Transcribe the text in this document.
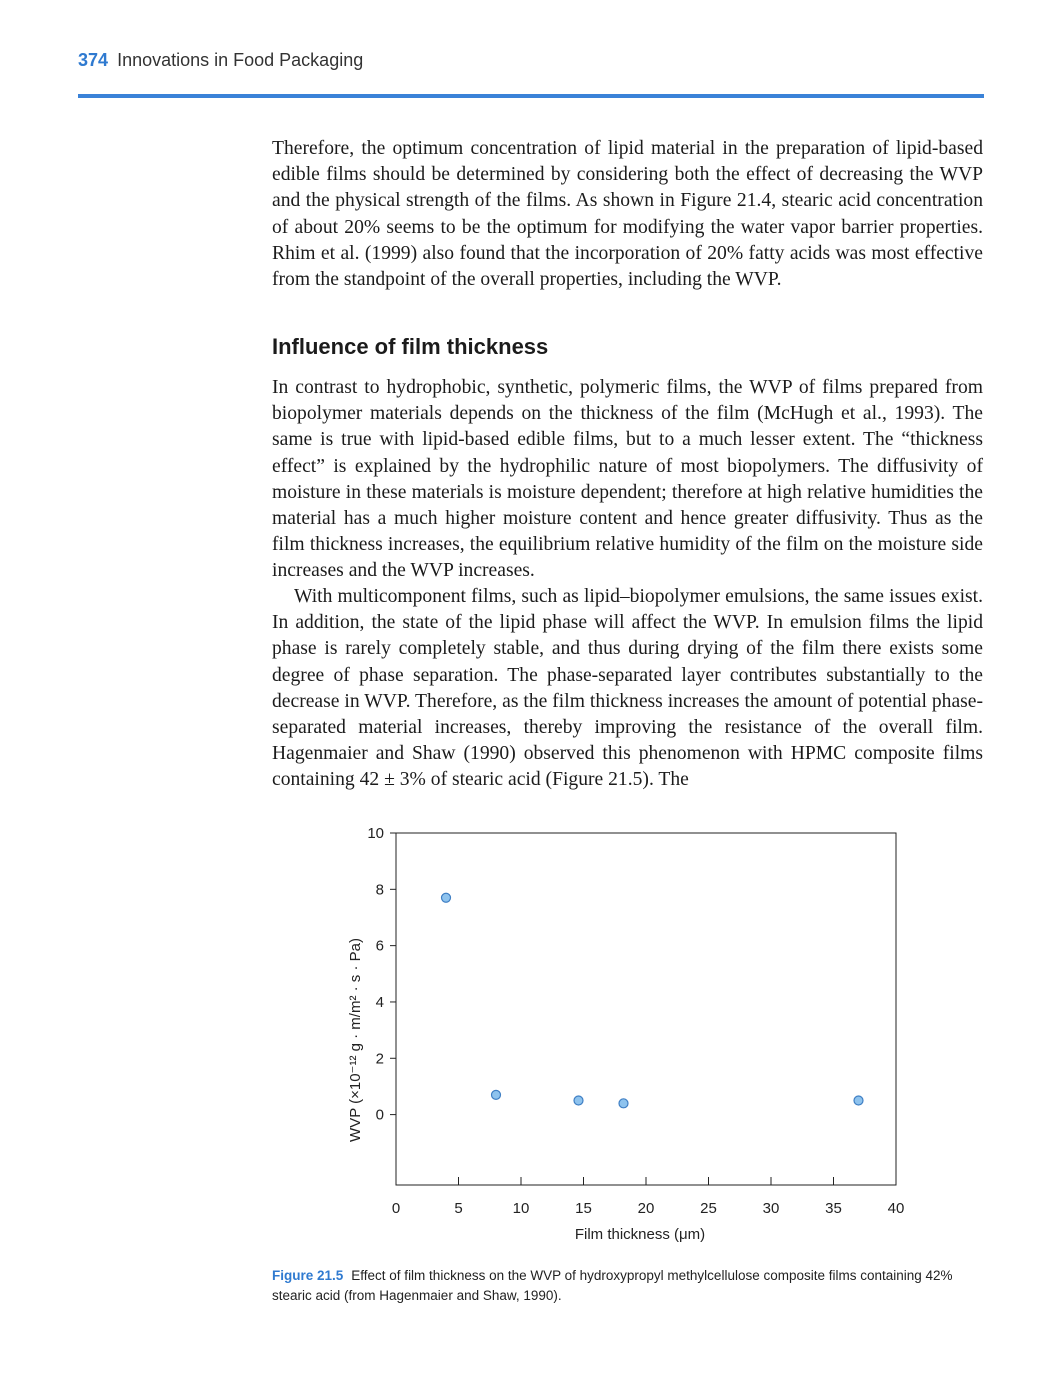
374 Innovations in Food Packaging

Therefore, the optimum concentration of lipid material in the preparation of lipid-based edible films should be determined by considering both the effect of decreasing the WVP and the physical strength of the films. As shown in Figure 21.4, stearic acid concentration of about 20% seems to be the optimum for modifying the water vapor barrier properties. Rhim et al. (1999) also found that the incorporation of 20% fatty acids was most effective from the standpoint of the overall properties, including the WVP.

Influence of film thickness

In contrast to hydrophobic, synthetic, polymeric films, the WVP of films prepared from biopolymer materials depends on the thickness of the film (McHugh et al., 1993). The same is true with lipid-based edible films, but to a much lesser extent. The “thickness effect” is explained by the hydrophilic nature of most biopolymers. The diffusivity of moisture in these materials is moisture dependent; therefore at high relative humidities the material has a much higher moisture content and hence greater diffusivity. Thus as the film thickness increases, the equilibrium relative humidity of the film on the moisture side increases and the WVP increases.

With multicomponent films, such as lipid–biopolymer emulsions, the same issues exist. In addition, the state of the lipid phase will affect the WVP. In emulsion films the lipid phase is rarely completely stable, and thus during drying of the film there exists some degree of phase separation. The phase-separated layer contributes substantially to the decrease in WVP. Therefore, as the film thickness increases the amount of potential phase-separated material increases, thereby improving the resistance of the overall film. Hagenmaier and Shaw (1990) observed this phenomenon with HPMC composite films containing 42 ± 3% of stearic acid (Figure 21.5). The

0	5	10	15	20	25	30	35	40
0
2
4
6
8
10
Film thickness (μm)
WVP (×10⁻¹² g · m/m² · s · Pa)

Figure 21.5 Effect of film thickness on the WVP of hydroxypropyl methylcellulose composite films containing 42% stearic acid (from Hagenmaier and Shaw, 1990).
